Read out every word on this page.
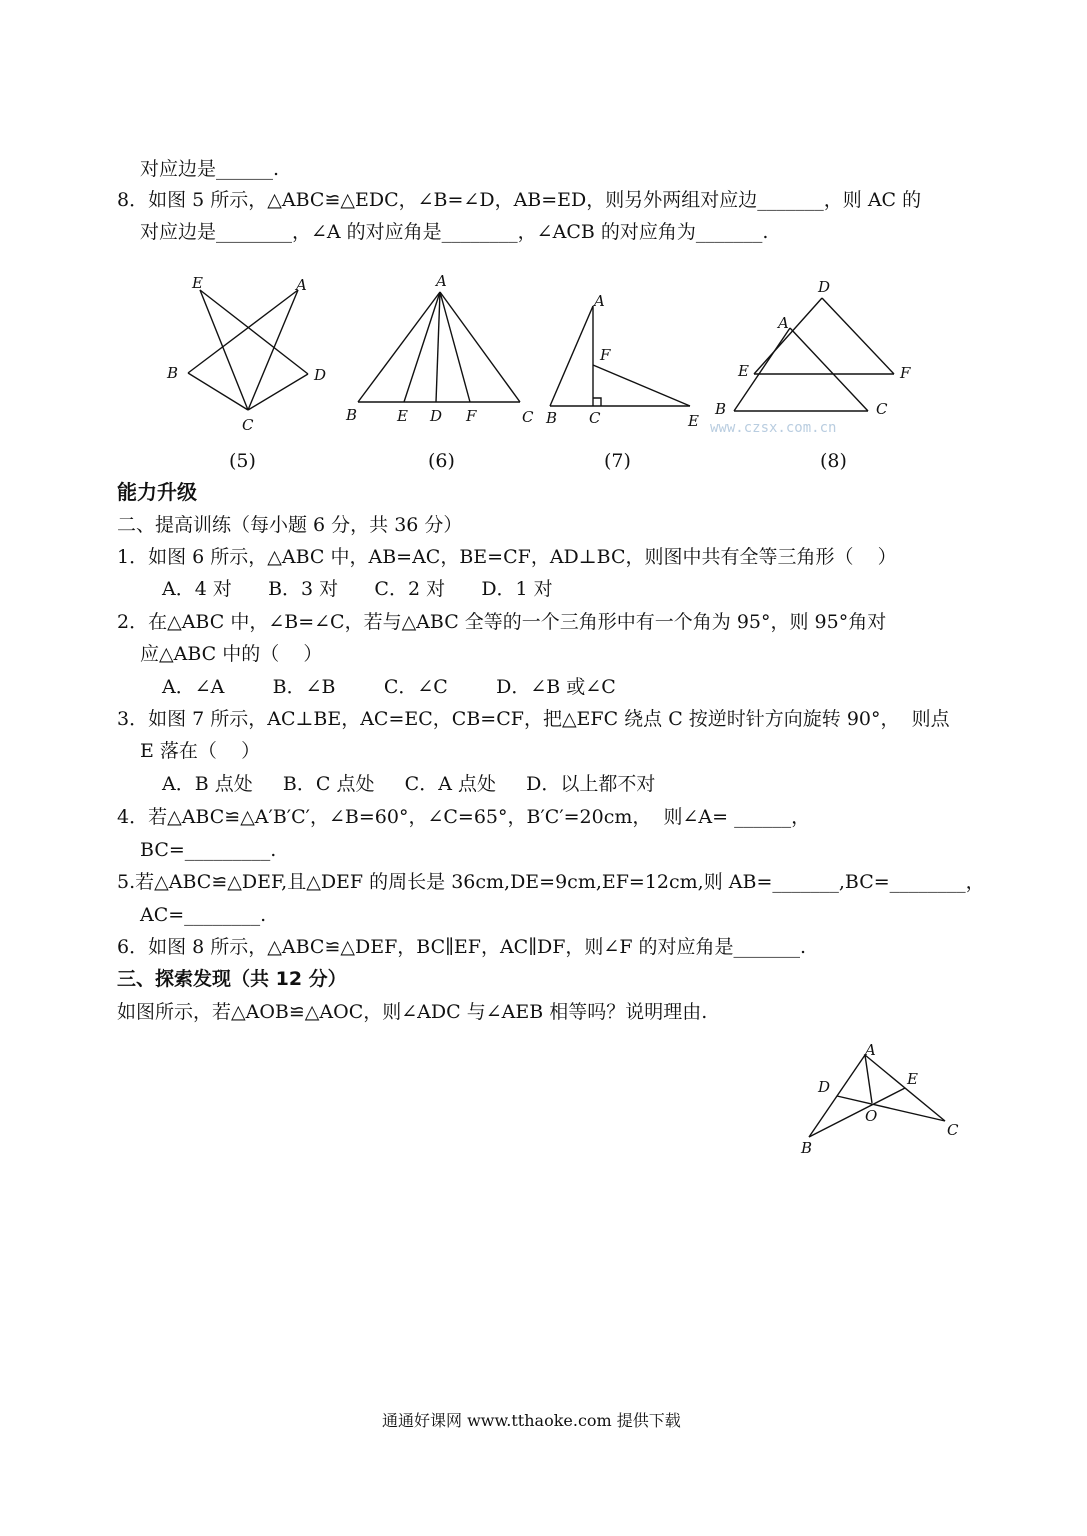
对应边是______.
8．如图 5 所示，△ABC≌△EDC，∠B=∠D，AB=ED，则另外两组对应边_______，则 AC 的
对应边是________，∠A 的对应角是________，∠ACB 的对应角为_______.
E	A
B	D
C
(5)
A
B	E D F	C
(6)
A
F
B C	E
(7)
www.czsx.com.cn
D
A
E	F
B	C
(8)
能力升级
二、提高训练（每小题 6 分，共 36 分）
1．如图 6 所示，△ABC 中，AB=AC，BE=CF，AD⊥BC，则图中共有全等三角形（    ）
A．4 对      B．3 对      C．2 对      D．1 对
2．在△ABC 中，∠B=∠C，若与△ABC 全等的一个三角形中有一个角为 95°，则 95°角对
应△ABC 中的（    ）
A．∠A        B．∠B        C．∠C        D．∠B 或∠C
3．如图 7 所示，AC⊥BE，AC=EC，CB=CF，把△EFC 绕点 C 按逆时针方向旋转 90°，  则点
E 落在（    ）
A．B 点处     B．C 点处     C．A 点处     D．以上都不对
4．若△ABC≌△A′B′C′，∠B=60°，∠C=65°，B′C′=20cm，  则∠A= ______，
BC=_________.
5.若△ABC≌△DEF,且△DEF 的周长是 36cm,DE=9cm,EF=12cm,则 AB=_______,BC=________，
AC=________.
6．如图 8 所示，△ABC≌△DEF，BC∥EF，AC∥DF，则∠F 的对应角是_______.
三、探索发现（共 12 分）
如图所示，若△AOB≌△AOC，则∠ADC 与∠AEB 相等吗？说明理由.
A
D	E
O
B
C
通通好课网 www.tthaoke.com 提供下载
